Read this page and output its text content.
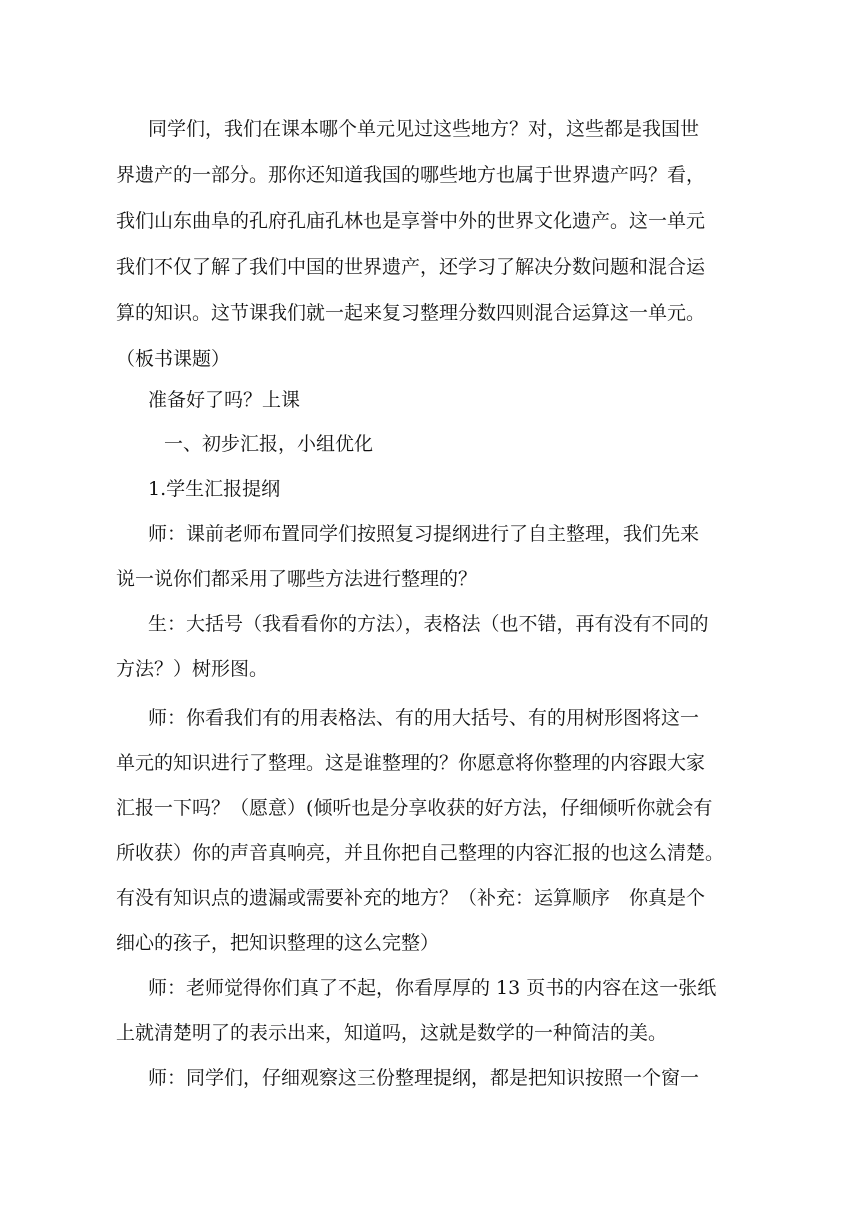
同学们，我们在课本哪个单元见过这些地方？对，这些都是我国世
界遗产的一部分。那你还知道我国的哪些地方也属于世界遗产吗？看，
我们山东曲阜的孔府孔庙孔林也是享誉中外的世界文化遗产。这一单元
我们不仅了解了我们中国的世界遗产，还学习了解决分数问题和混合运
算的知识。这节课我们就一起来复习整理分数四则混合运算这一单元。
（板书课题）
准备好了吗？上课
一、初步汇报，小组优化
1.学生汇报提纲
师：课前老师布置同学们按照复习提纲进行了自主整理，我们先来
说一说你们都采用了哪些方法进行整理的？
生：大括号（我看看你的方法），表格法（也不错，再有没有不同的
方法？）树形图。
师：你看我们有的用表格法、有的用大括号、有的用树形图将这一
单元的知识进行了整理。这是谁整理的？你愿意将你整理的内容跟大家
汇报一下吗？（愿意）(倾听也是分享收获的好方法，仔细倾听你就会有
所收获）你的声音真响亮，并且你把自己整理的内容汇报的也这么清楚。
有没有知识点的遗漏或需要补充的地方？（补充：运算顺序　你真是个
细心的孩子，把知识整理的这么完整）
师：老师觉得你们真了不起，你看厚厚的 13 页书的内容在这一张纸
上就清楚明了的表示出来，知道吗，这就是数学的一种简洁的美。
师：同学们，仔细观察这三份整理提纲，都是把知识按照一个窗一
